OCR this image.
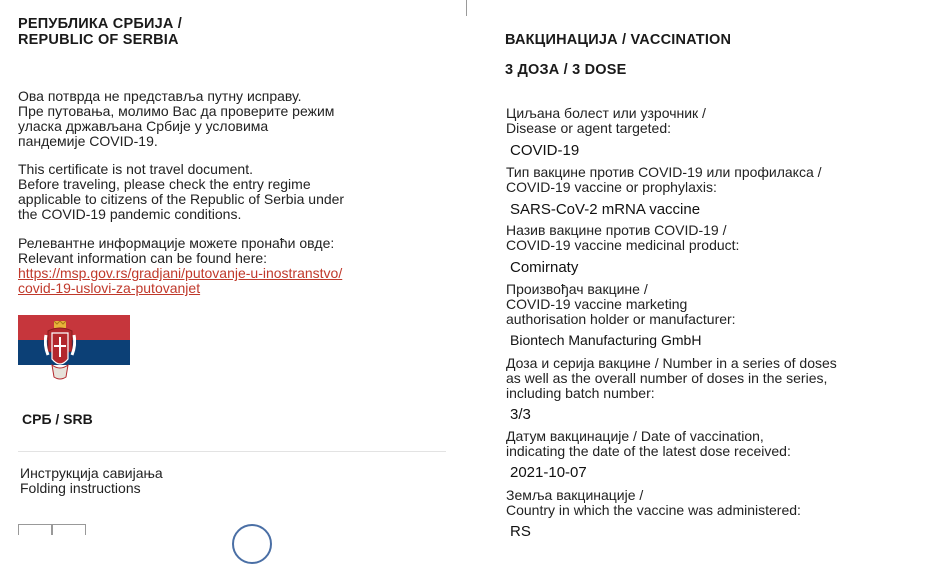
РЕПУБЛИКА СРБИЈА /
REPUBLIC OF SERBIA
Ова потврда не представља путну исправу.
Пре путовања, молимо Вас да проверите режим
уласка држављана Србије у условима
пандемије COVID-19.
This certificate is not travel document.
Before traveling, please check the entry regime
applicable to citizens of the Republic of Serbia under
the COVID-19 pandemic conditions.
Релевантне информације можете пронаћи овде:
Relevant information can be found here:
https://msp.gov.rs/gradjani/putovanje-u-inostranstvo/
covid-19-uslovi-za-putovanjet
СРБ / SRB
Инструкција савијања
Folding instructions
ВАКЦИНАЦИЈА / VACCINATION
3 ДОЗА / 3 DOSE
Циљана болест или узрочник /
Disease or agent targeted:
COVID-19
Тип вакцине против COVID-19 или профилакса /
COVID-19 vaccine or prophylaxis:
SARS-CoV-2 mRNA vaccine
Назив вакцине против COVID-19 /
COVID-19 vaccine medicinal product:
Comirnaty
Произвођач вакцине /
COVID-19 vaccine marketing
authorisation holder or manufacturer:
Biontech Manufacturing GmbH
Доза и серија вакцине / Number in a series of doses
as well as the overall number of doses in the series,
including batch number:
3/3
Датум вакцинације / Date of vaccination,
indicating the date of the latest dose received:
2021-10-07
Земља вакцинације /
Country in which the vaccine was administered:
RS
